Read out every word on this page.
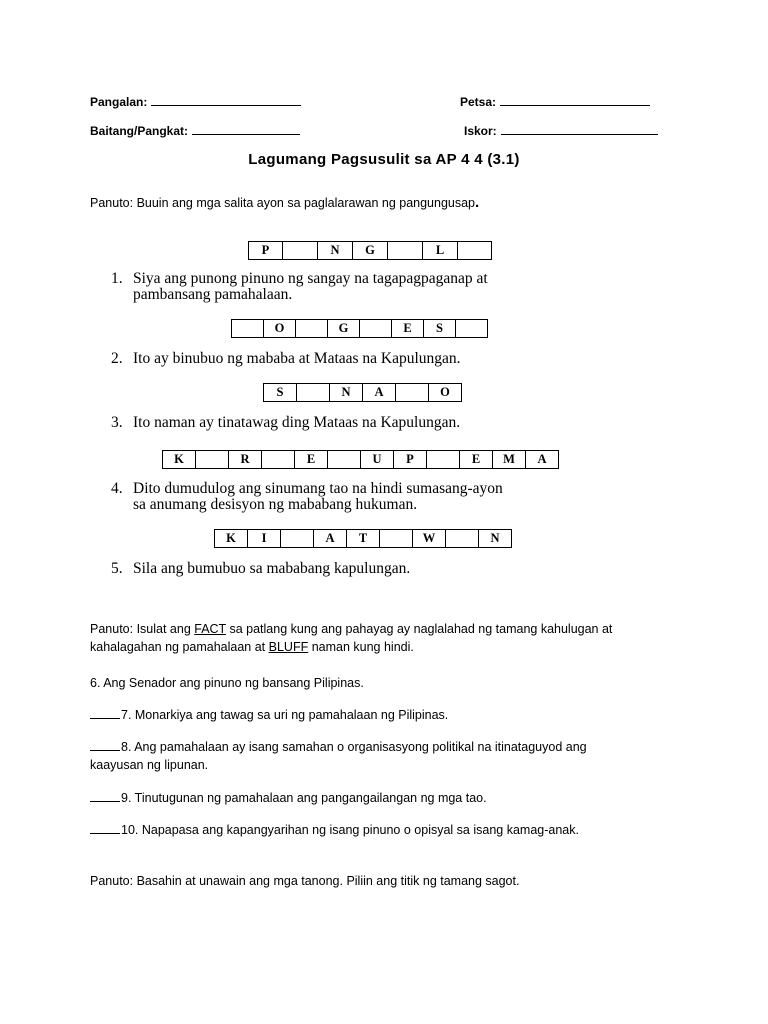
Pangalan:	Petsa:
Baitang/Pangkat:	Iskor:
Lagumang Pagsusulit sa AP 4 4 (3.1)
Panuto: Buuin ang mga salita ayon sa paglalarawan ng pangungusap.
P	N	G	L
1. Siya ang punong pinuno ng sangay na tagapagpaganap at
pambansang pamahalaan.
O	G	E	S
2. Ito ay binubuo ng mababa at Mataas na Kapulungan.
S	N	A	O
3. Ito naman ay tinatawag ding Mataas na Kapulungan.
K	R	E	U	P	E	M	A
4. Dito dumudulog ang sinumang tao na hindi sumasang-ayon
sa anumang desisyon ng mababang hukuman.
K	I	A	T	W	N
5. Sila ang bumubuo sa mababang kapulungan.
Panuto: Isulat ang FACT sa patlang kung ang pahayag ay naglalahad ng tamang kahulugan at
kahalagahan ng pamahalaan at BLUFF naman kung hindi.
6. Ang Senador ang pinuno ng bansang Pilipinas.
7. Monarkiya ang tawag sa uri ng pamahalaan ng Pilipinas.
8. Ang pamahalaan ay isang samahan o organisasyong politikal na itinataguyod ang
kaayusan ng lipunan.
9. Tinutugunan ng pamahalaan ang pangangailangan ng mga tao.
10. Napapasa ang kapangyarihan ng isang pinuno o opisyal sa isang kamag-anak.
Panuto: Basahin at unawain ang mga tanong. Piliin ang titik ng tamang sagot.
